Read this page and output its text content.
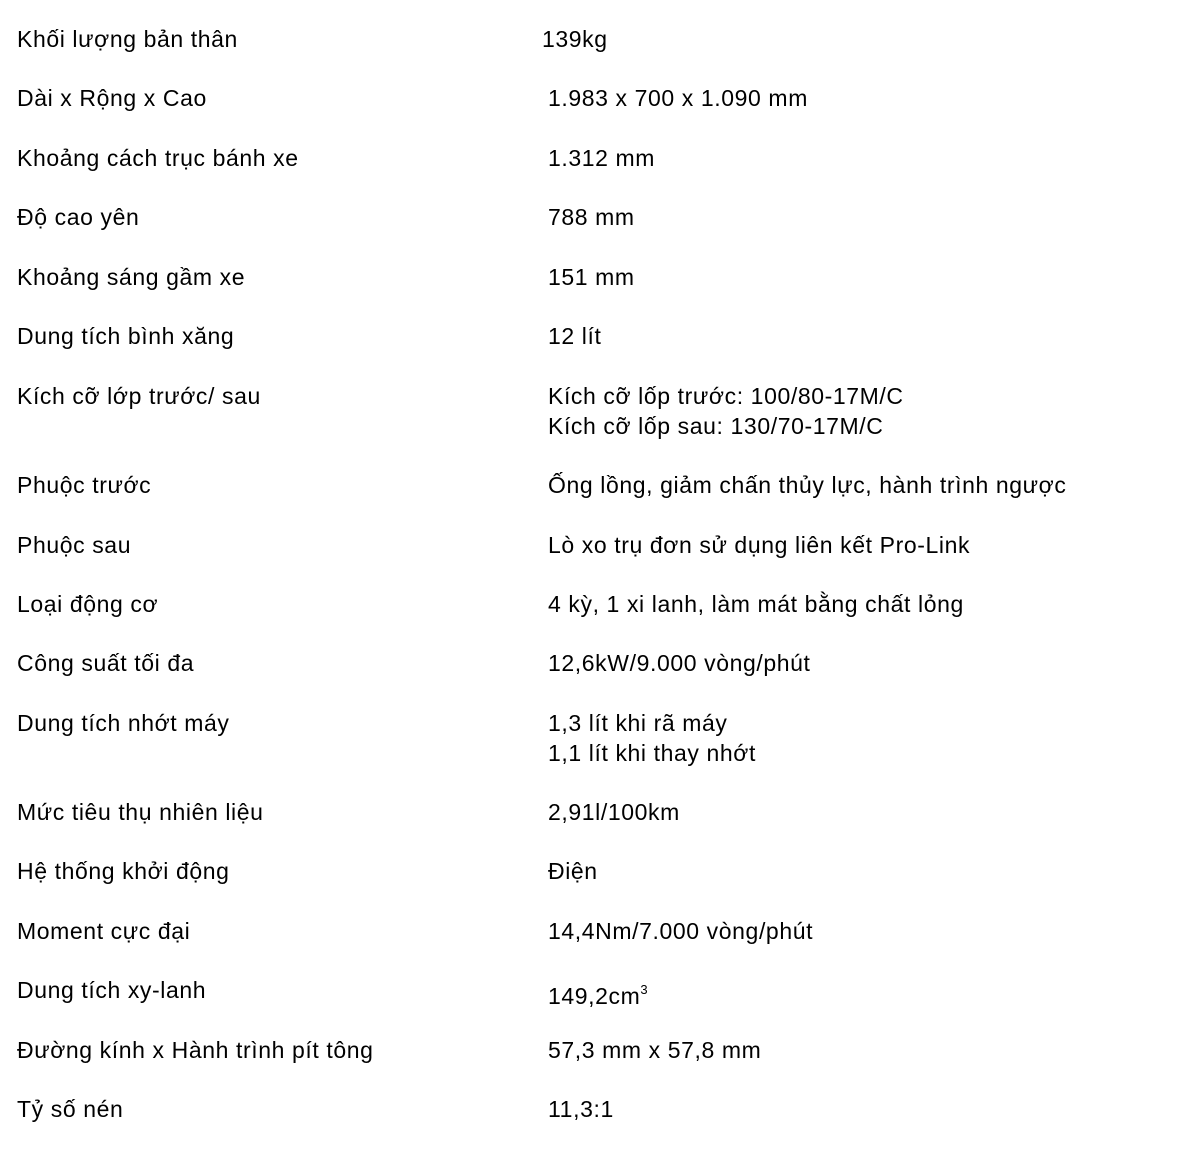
Khối lượng bản thân	139kg
Dài x Rộng x Cao	1.983 x 700 x 1.090 mm
Khoảng cách trục bánh xe	1.312 mm
Độ cao yên	788 mm
Khoảng sáng gầm xe	151 mm
Dung tích bình xăng	12 lít
Kích cỡ lớp trước/ sau	Kích cỡ lốp trước: 100/80-17M/C
Kích cỡ lốp sau: 130/70-17M/C
Phuộc trước	Ống lồng, giảm chấn thủy lực, hành trình ngược
Phuộc sau	Lò xo trụ đơn sử dụng liên kết Pro-Link
Loại động cơ	4 kỳ, 1 xi lanh, làm mát bằng chất lỏng
Công suất tối đa	12,6kW/9.000 vòng/phút
Dung tích nhớt máy	1,3 lít khi rã máy
1,1 lít khi thay nhớt
Mức tiêu thụ nhiên liệu	2,91l/100km
Hệ thống khởi động	Điện
Moment cực đại	14,4Nm/7.000 vòng/phút
Dung tích xy-lanh	$149,2cm^3$
Đường kính x Hành trình pít tông	57,3 mm x 57,8 mm
Tỷ số nén	11,3:1
